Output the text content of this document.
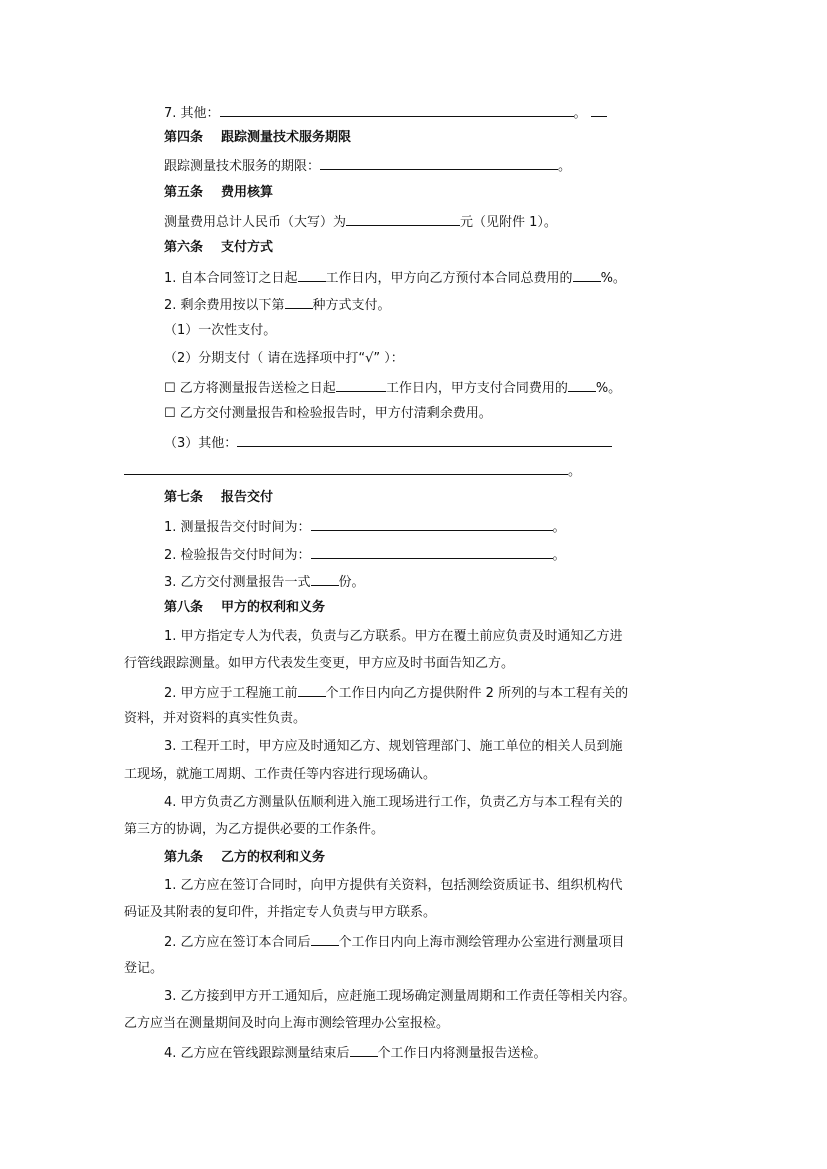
7. 其他：	。
第四条 跟踪测量技术服务期限
跟踪测量技术服务的期限：	。
第五条 费用核算
测量费用总计人民币（大写）为	元（见附件 1）。
第六条 支付方式
1. 自本合同签订之日起 工作日内，甲方向乙方预付本合同总费用的 %。
2. 剩余费用按以下第 种方式支付。
（1）一次性支付。
（2）分期支付（ 请在选择项中打“√” ）：
☐ 乙方将测量报告送检之日起	工作日内，甲方支付合同费用的 %。
☐ 乙方交付测量报告和检验报告时，甲方付清剩余费用。
（3）其他：
。
第七条 报告交付
1. 测量报告交付时间为：	。
2. 检验报告交付时间为：	。
3. 乙方交付测量报告一式 份。
第八条 甲方的权利和义务
1. 甲方指定专人为代表，负责与乙方联系。甲方在覆土前应负责及时通知乙方进
行管线跟踪测量。如甲方代表发生变更，甲方应及时书面告知乙方。
2. 甲方应于工程施工前 个工作日内向乙方提供附件 2 所列的与本工程有关的
资料，并对资料的真实性负责。
3. 工程开工时，甲方应及时通知乙方、规划管理部门、施工单位的相关人员到施
工现场，就施工周期、工作责任等内容进行现场确认。
4. 甲方负责乙方测量队伍顺利进入施工现场进行工作，负责乙方与本工程有关的
第三方的协调，为乙方提供必要的工作条件。
第九条 乙方的权利和义务
1. 乙方应在签订合同时，向甲方提供有关资料，包括测绘资质证书、组织机构代
码证及其附表的复印件，并指定专人负责与甲方联系。
2. 乙方应在签订本合同后 个工作日内向上海市测绘管理办公室进行测量项目
登记。
3. 乙方接到甲方开工通知后，应赶施工现场确定测量周期和工作责任等相关内容。
乙方应当在测量期间及时向上海市测绘管理办公室报检。
4. 乙方应在管线跟踪测量结束后 个工作日内将测量报告送检。
